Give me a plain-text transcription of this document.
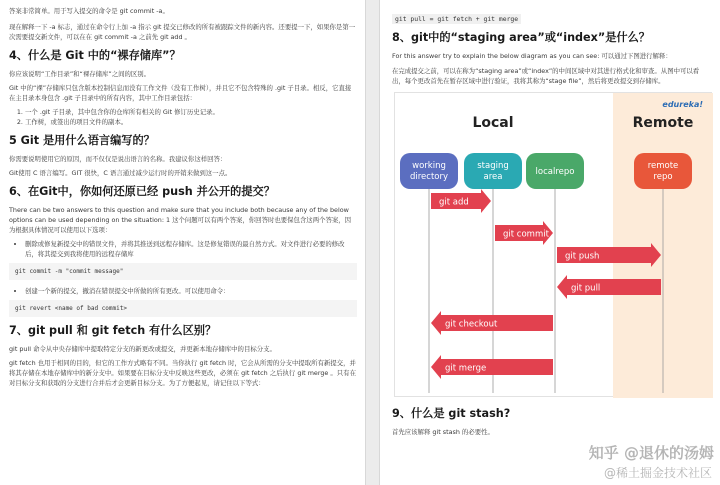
答案非常简单。用于写入提交的命令是 git commit -a。

现在解释一下 -a 标志，通过在命令行上加 -a 指示 git 提交已修改的所有被跟踪文件的新内容。还要提一下，如果你是第一次需要提交新文件，可以在在 git commit -a 之前先 git add 。

4、什么是 Git 中的“裸存储库”？

你应该说明“工作目录”和“裸存储库”之间的区别。

Git 中的“裸”存储库只包含版本控制信息而没有工作文件（没有工作树），并且它不包含特殊的 .git 子目录。相反，它直接在主目录本身包含 .git 子目录中的所有内容，其中工作目录包括：

1. 一个 .git 子目录，其中包含你的仓库所有相关的 Git 修订历史记录。
2. 工作树，或签出的项目文件的副本。
5 Git 是用什么语言编写的？

你需要说明使用它的原因，而不仅仅是说出语言的名称。我建议你这样回答：

Git使用 C 语言编写。GIT 很快，C 语言通过减少运行时的开销来做到这一点。

6、在Git中，你如何还原已经 push 并公开的提交？

There can be two answers to this question and make sure that you include both because any of the below options can be used depending on the situation: 1 这个问题可以有两个答案，你回答时也要保包含这两个答案，因为根据具体情况可以使用以下选项：

• 删除或修复新提交中的错误文件，并将其推送到远程存储库。这是修复错误的最自然方式。对文件进行必要的修改后，将其提交到我将使用的远程存储库
git commit -m "commit message"
• 创建一个新的提交，撤消在错误提交中所做的所有更改。可以使用命令：
git revert <name of bad commit>
7、git pull 和 git fetch 有什么区别？

git pull 命令从中央存储库中提取特定分支的新更改或提交，并更新本地存储库中的目标分支。

git fetch 也用于相同的目的，但它的工作方式略有不同。当你执行 git fetch 时，它会从所需的分支中提取所有新提交，并将其存储在本地存储库中的新分支中。如果要在目标分支中反映这些更改，必须在 git fetch 之后执行 git merge 。只有在对目标分支和获取的分支进行合并后才会更新目标分支。为了方便起见，请记住以下等式：

git pull = git fetch + git merge
8、git中的“staging area”或“index”是什么？

For this answer try to explain the below diagram as you can see: 可以通过下图进行解释：

在完成提交之前，可以在称为“staging area”或“index”的中间区域中对其进行格式化和审查。从图中可以看出，每个更改首先在暂存区域中进行验证，我将其称为“stage file”，然后将更改提交到存储库。

edureka!
Local	Remote
working
directory
staging
area	localrepo
remote
repo
git add
git commit
git push
git pull
git checkout
git merge
9、什么是 git stash?

首先应该解释 git stash 的必要性。

知乎 @退休的汤姆
@稀土掘金技术社区
